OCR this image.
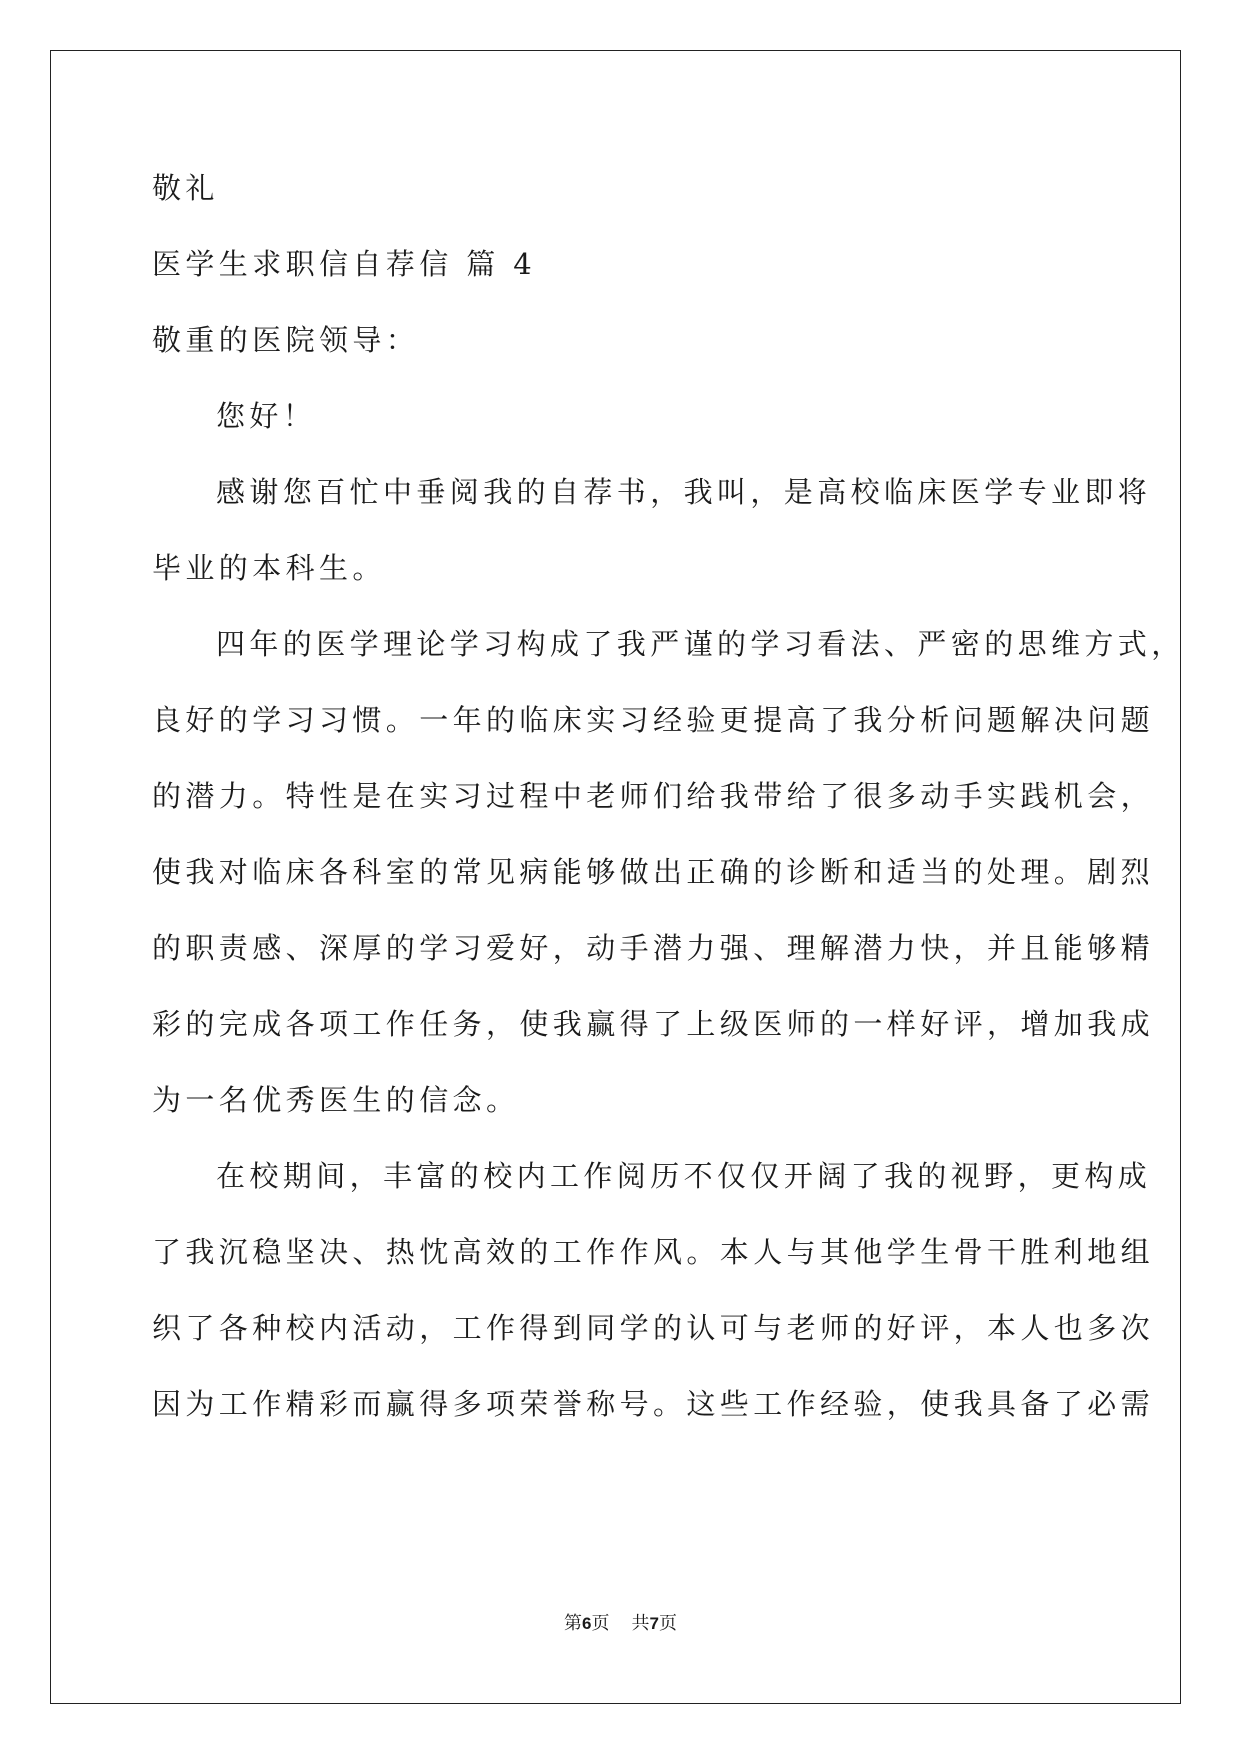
敬礼

医学生求职信自荐信 篇 4

敬重的医院领导：

您好！

感谢您百忙中垂阅我的自荐书，我叫，是高校临床医学专业即将

毕业的本科生。

四年的医学理论学习构成了我严谨的学习看法、严密的思维方式，

良好的学习习惯。一年的临床实习经验更提高了我分析问题解决问题

的潜力。特性是在实习过程中老师们给我带给了很多动手实践机会，

使我对临床各科室的常见病能够做出正确的诊断和适当的处理。剧烈

的职责感、深厚的学习爱好，动手潜力强、理解潜力快，并且能够精

彩的完成各项工作任务，使我赢得了上级医师的一样好评，增加我成

为一名优秀医生的信念。

在校期间，丰富的校内工作阅历不仅仅开阔了我的视野，更构成

了我沉稳坚决、热忱高效的工作作风。本人与其他学生骨干胜利地组

织了各种校内活动，工作得到同学的认可与老师的好评，本人也多次

因为工作精彩而赢得多项荣誉称号。这些工作经验，使我具备了必需

第6页 共7页
